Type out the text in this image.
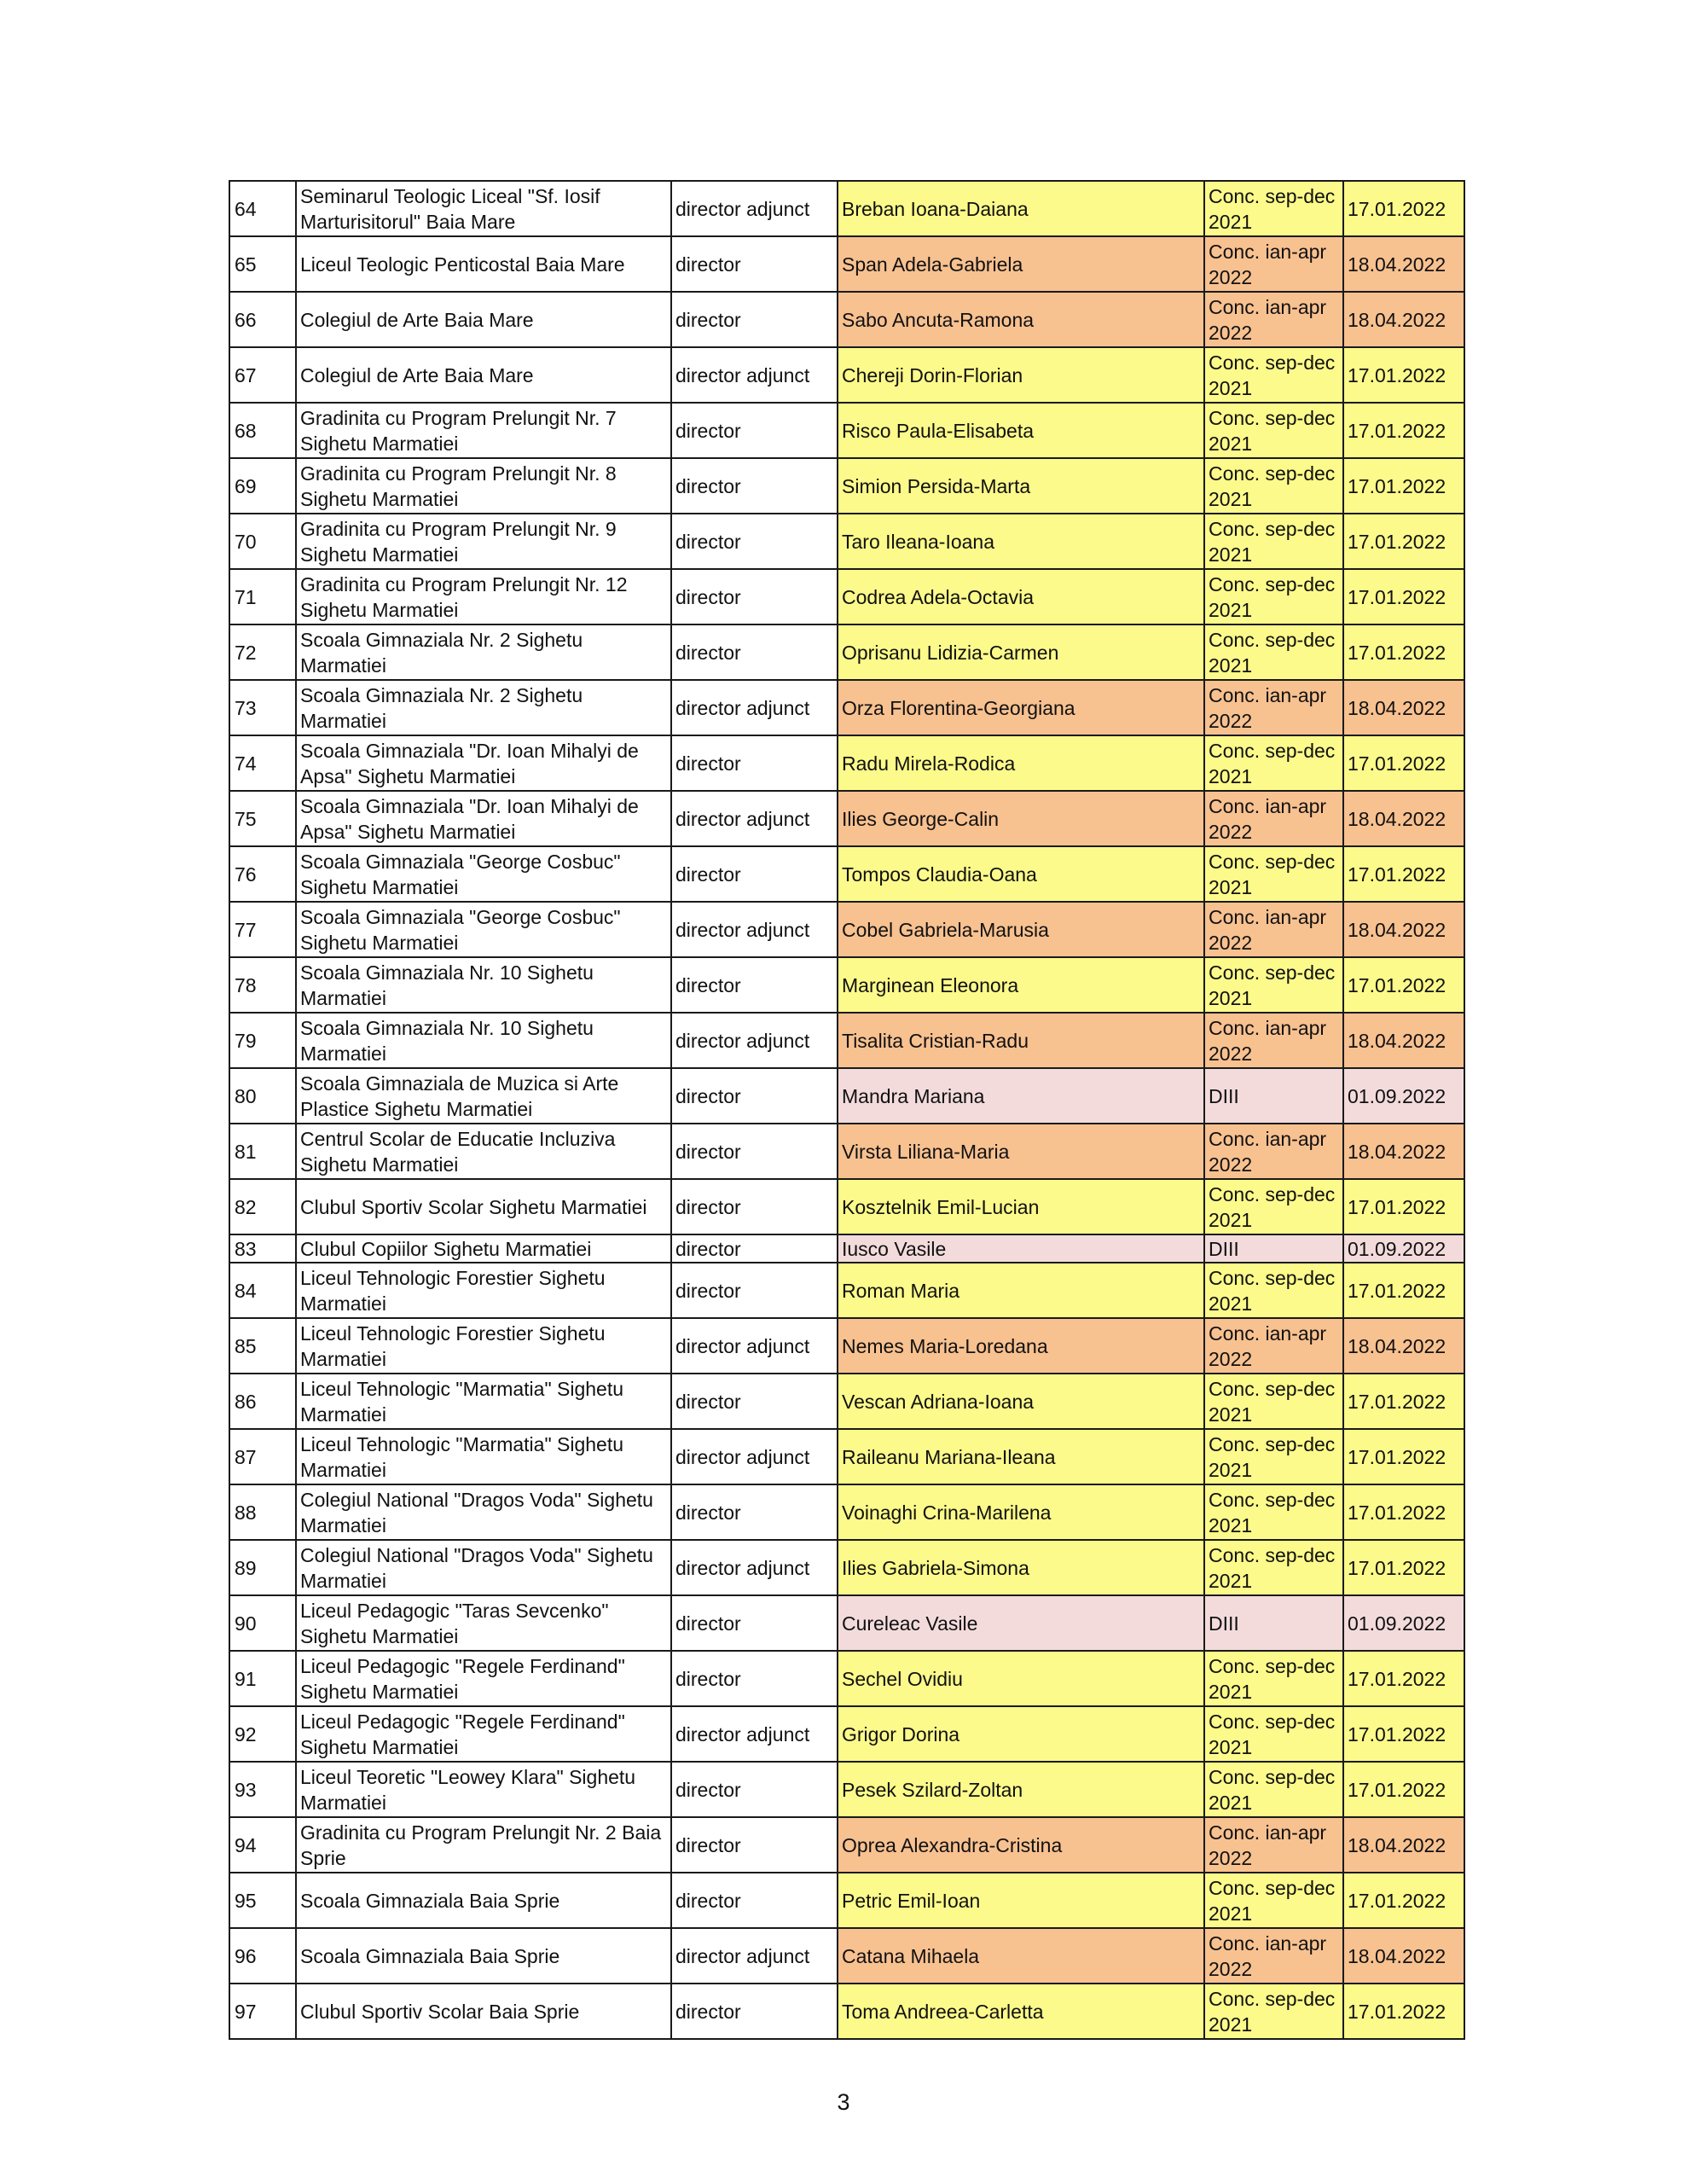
64	Seminarul Teologic Liceal "Sf. Iosif Marturisitorul" Baia Mare	director adjunct	Breban Ioana-Daiana	Conc. sep-dec 2021	17.01.2022
65	Liceul Teologic Penticostal Baia Mare	director	Span Adela-Gabriela	Conc. ian-apr 2022	18.04.2022
66	Colegiul de Arte Baia Mare	director	Sabo Ancuta-Ramona	Conc. ian-apr 2022	18.04.2022
67	Colegiul de Arte Baia Mare	director adjunct	Chereji Dorin-Florian	Conc. sep-dec 2021	17.01.2022
68	Gradinita cu Program Prelungit Nr. 7 Sighetu Marmatiei	director	Risco Paula-Elisabeta	Conc. sep-dec 2021	17.01.2022
69	Gradinita cu Program Prelungit Nr. 8 Sighetu Marmatiei	director	Simion Persida-Marta	Conc. sep-dec 2021	17.01.2022
70	Gradinita cu Program Prelungit Nr. 9 Sighetu Marmatiei	director	Taro Ileana-Ioana	Conc. sep-dec 2021	17.01.2022
71	Gradinita cu Program Prelungit Nr. 12 Sighetu Marmatiei	director	Codrea Adela-Octavia	Conc. sep-dec 2021	17.01.2022
72	Scoala Gimnaziala Nr. 2 Sighetu Marmatiei	director	Oprisanu Lidizia-Carmen	Conc. sep-dec 2021	17.01.2022
73	Scoala Gimnaziala Nr. 2 Sighetu Marmatiei	director adjunct	Orza Florentina-Georgiana	Conc. ian-apr 2022	18.04.2022
74	Scoala Gimnaziala "Dr. Ioan Mihalyi de Apsa" Sighetu Marmatiei	director	Radu Mirela-Rodica	Conc. sep-dec 2021	17.01.2022
75	Scoala Gimnaziala "Dr. Ioan Mihalyi de Apsa" Sighetu Marmatiei	director adjunct	Ilies George-Calin	Conc. ian-apr 2022	18.04.2022
76	Scoala Gimnaziala "George Cosbuc" Sighetu Marmatiei	director	Tompos Claudia-Oana	Conc. sep-dec 2021	17.01.2022
77	Scoala Gimnaziala "George Cosbuc" Sighetu Marmatiei	director adjunct	Cobel Gabriela-Marusia	Conc. ian-apr 2022	18.04.2022
78	Scoala Gimnaziala Nr. 10 Sighetu Marmatiei	director	Marginean Eleonora	Conc. sep-dec 2021	17.01.2022
79	Scoala Gimnaziala Nr. 10 Sighetu Marmatiei	director adjunct	Tisalita Cristian-Radu	Conc. ian-apr 2022	18.04.2022
80	Scoala Gimnaziala de Muzica si Arte Plastice Sighetu Marmatiei	director	Mandra Mariana	DIII	01.09.2022
81	Centrul Scolar de Educatie Incluziva Sighetu Marmatiei	director	Virsta Liliana-Maria	Conc. ian-apr 2022	18.04.2022
82	Clubul Sportiv Scolar Sighetu Marmatiei	director	Kosztelnik Emil-Lucian	Conc. sep-dec 2021	17.01.2022
83	Clubul Copiilor Sighetu Marmatiei	director	Iusco Vasile	DIII	01.09.2022
84	Liceul Tehnologic Forestier Sighetu Marmatiei	director	Roman Maria	Conc. sep-dec 2021	17.01.2022
85	Liceul Tehnologic Forestier Sighetu Marmatiei	director adjunct	Nemes Maria-Loredana	Conc. ian-apr 2022	18.04.2022
86	Liceul Tehnologic "Marmatia" Sighetu Marmatiei	director	Vescan Adriana-Ioana	Conc. sep-dec 2021	17.01.2022
87	Liceul Tehnologic "Marmatia" Sighetu Marmatiei	director adjunct	Raileanu Mariana-Ileana	Conc. sep-dec 2021	17.01.2022
88	Colegiul National "Dragos Voda" Sighetu Marmatiei	director	Voinaghi Crina-Marilena	Conc. sep-dec 2021	17.01.2022
89	Colegiul National "Dragos Voda" Sighetu Marmatiei	director adjunct	Ilies Gabriela-Simona	Conc. sep-dec 2021	17.01.2022
90	Liceul Pedagogic "Taras Sevcenko" Sighetu Marmatiei	director	Cureleac Vasile	DIII	01.09.2022
91	Liceul Pedagogic "Regele Ferdinand" Sighetu Marmatiei	director	Sechel Ovidiu	Conc. sep-dec 2021	17.01.2022
92	Liceul Pedagogic "Regele Ferdinand" Sighetu Marmatiei	director adjunct	Grigor Dorina	Conc. sep-dec 2021	17.01.2022
93	Liceul Teoretic "Leowey Klara" Sighetu Marmatiei	director	Pesek Szilard-Zoltan	Conc. sep-dec 2021	17.01.2022
94	Gradinita cu Program Prelungit Nr. 2 Baia Sprie	director	Oprea Alexandra-Cristina	Conc. ian-apr 2022	18.04.2022
95	Scoala Gimnaziala Baia Sprie	director	Petric Emil-Ioan	Conc. sep-dec 2021	17.01.2022
96	Scoala Gimnaziala Baia Sprie	director adjunct	Catana Mihaela	Conc. ian-apr 2022	18.04.2022
97	Clubul Sportiv Scolar Baia Sprie	director	Toma Andreea-Carletta	Conc. sep-dec 2021	17.01.2022
3
